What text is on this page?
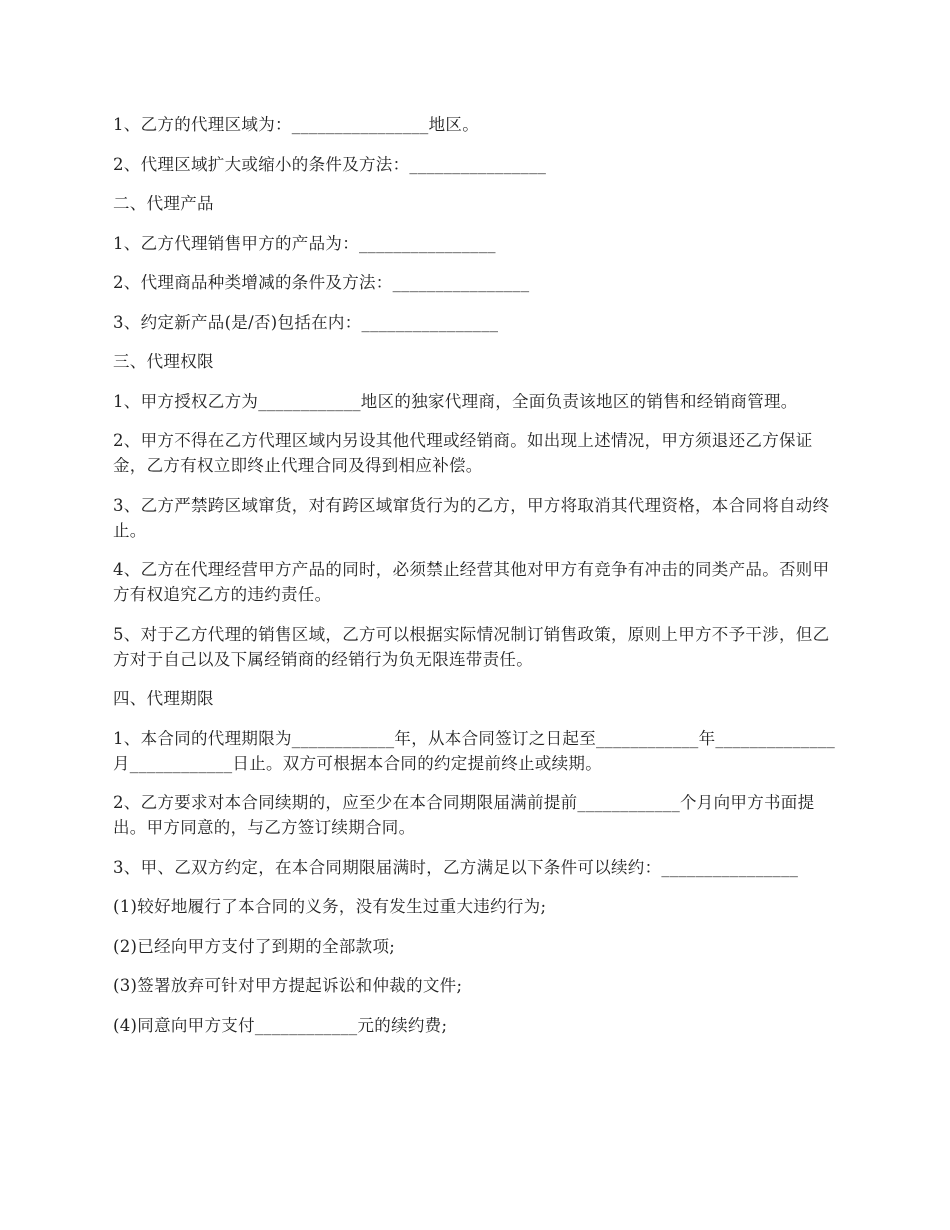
1、乙方的代理区域为：________________地区。

2、代理区域扩大或缩小的条件及方法：________________

二、代理产品

1、乙方代理销售甲方的产品为：________________

2、代理商品种类增减的条件及方法：________________

3、约定新产品(是/否)包括在内：________________

三、代理权限

1、甲方授权乙方为____________地区的独家代理商，全面负责该地区的销售和经销商管理。

2、甲方不得在乙方代理区域内另设其他代理或经销商。如出现上述情况，甲方须退还乙方保证金，乙方有权立即终止代理合同及得到相应补偿。

3、乙方严禁跨区域窜货，对有跨区域窜货行为的乙方，甲方将取消其代理资格，本合同将自动终止。

4、乙方在代理经营甲方产品的同时，必须禁止经营其他对甲方有竞争有冲击的同类产品。否则甲方有权追究乙方的违约责任。

5、对于乙方代理的销售区域，乙方可以根据实际情况制订销售政策，原则上甲方不予干涉，但乙方对于自己以及下属经销商的经销行为负无限连带责任。

四、代理期限

1、本合同的代理期限为____________年，从本合同签订之日起至____________年______________月____________日止。双方可根据本合同的约定提前终止或续期。

2、乙方要求对本合同续期的，应至少在本合同期限届满前提前____________个月向甲方书面提出。甲方同意的，与乙方签订续期合同。

3、甲、乙双方约定，在本合同期限届满时，乙方满足以下条件可以续约：________________

(1)较好地履行了本合同的义务，没有发生过重大违约行为;

(2)已经向甲方支付了到期的全部款项;

(3)签署放弃可针对甲方提起诉讼和仲裁的文件;

(4)同意向甲方支付____________元的续约费;
